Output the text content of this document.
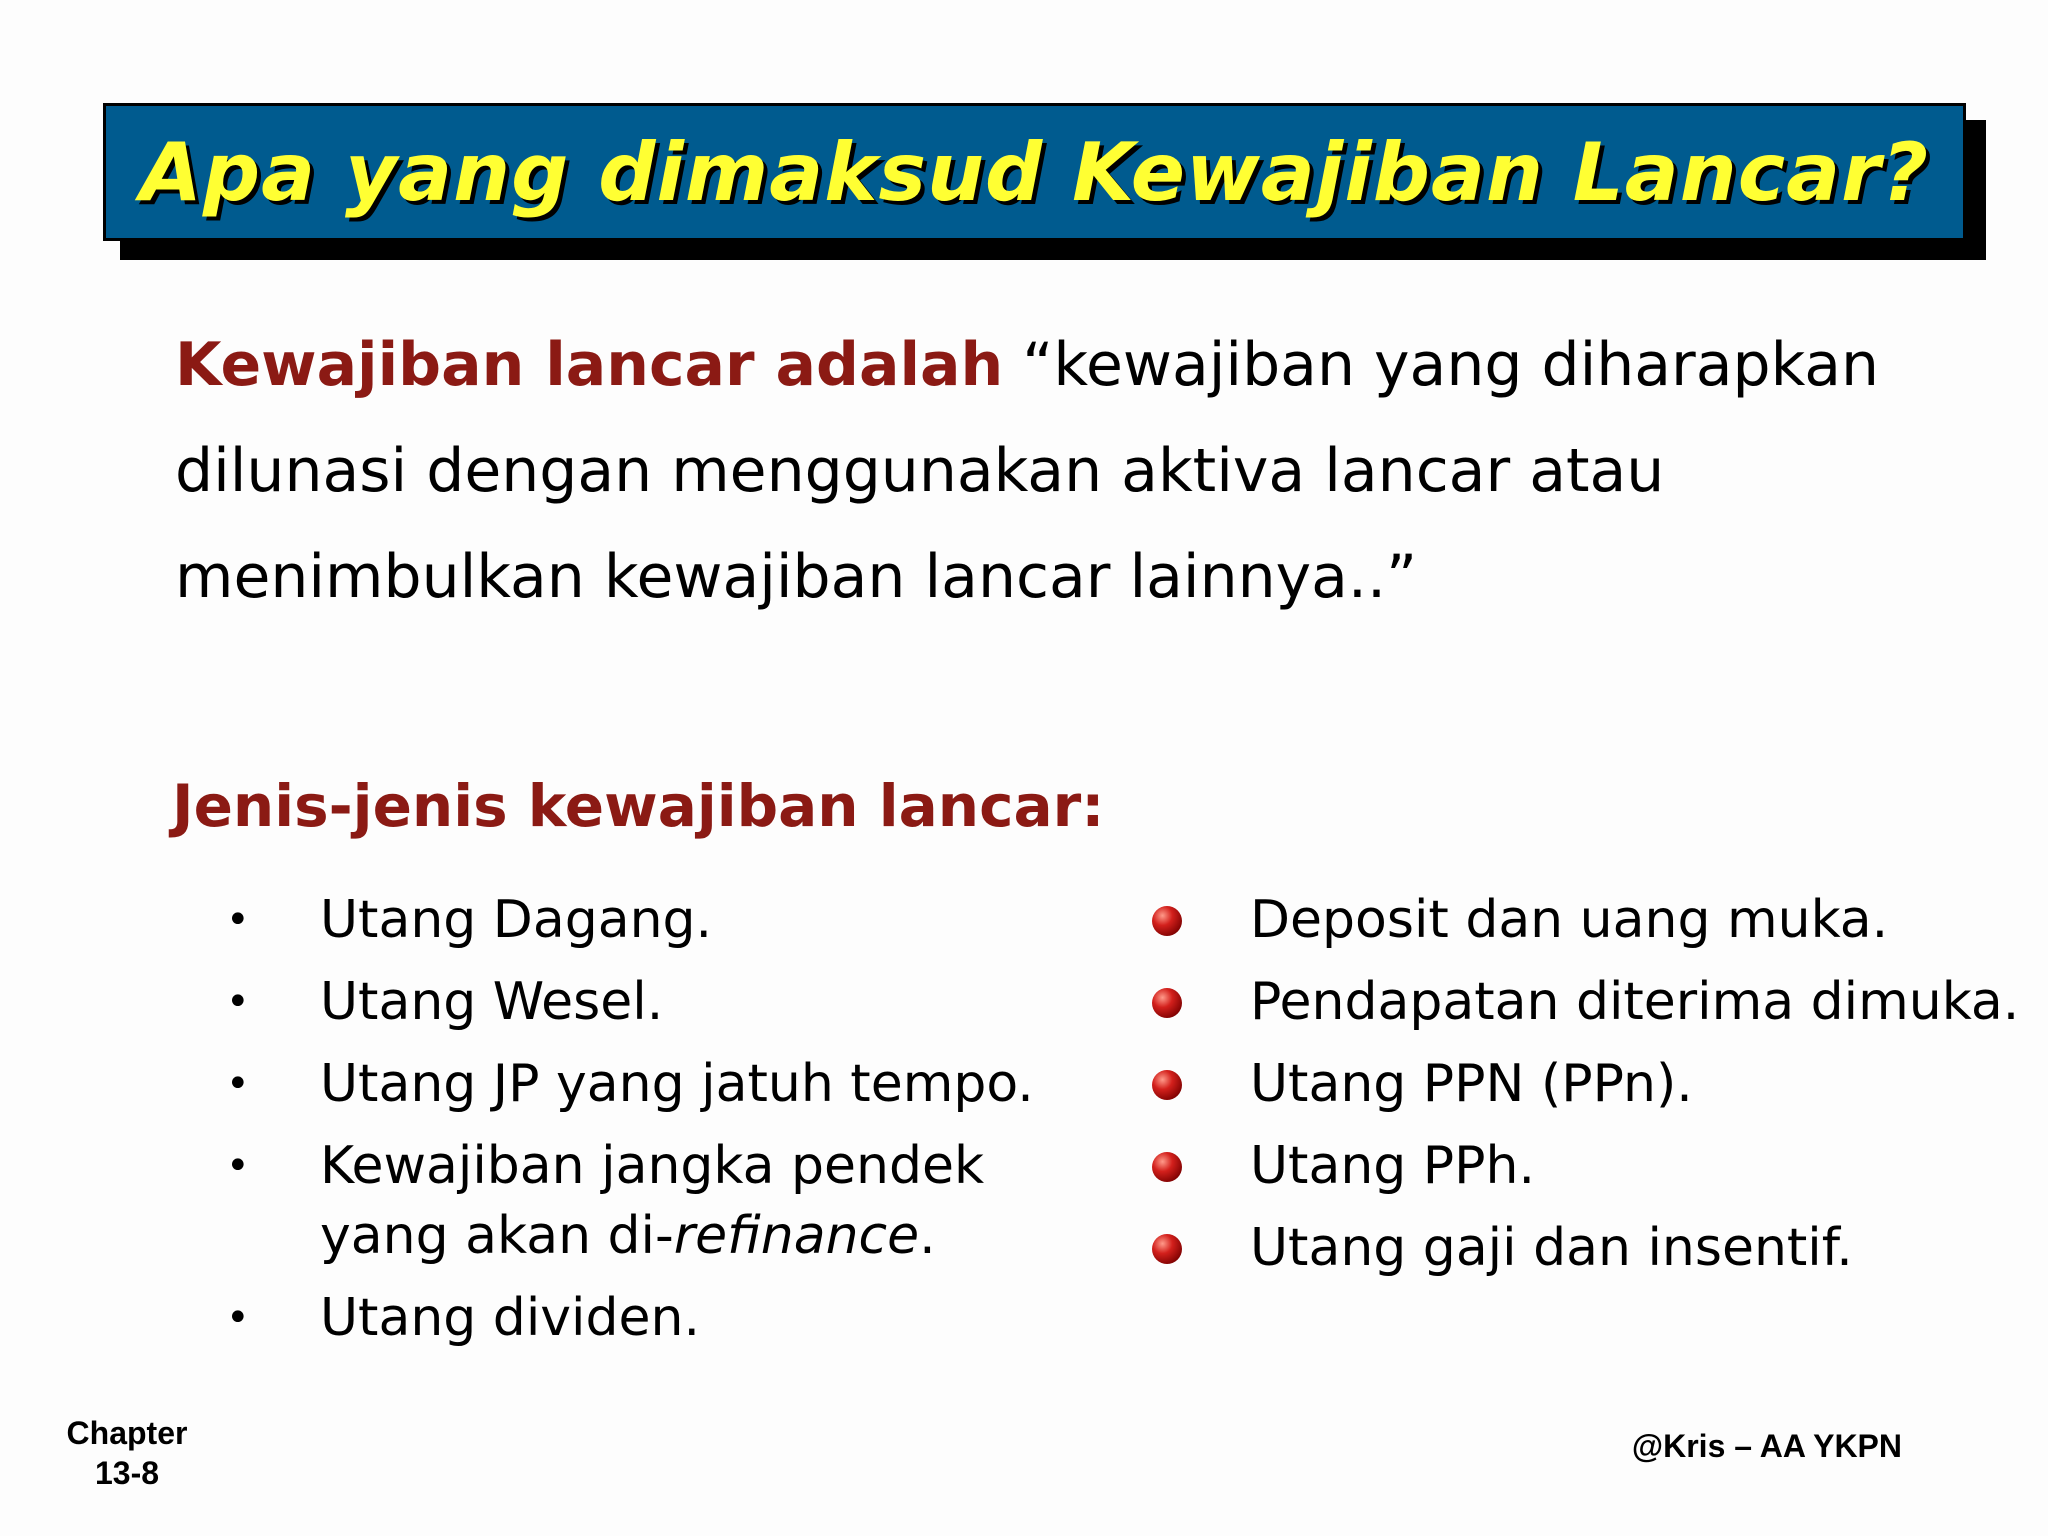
Apa yang dimaksud Kewajiban Lancar?
Kewajiban lancar adalah “kewajiban yang diharapkan dilunasi dengan menggunakan aktiva lancar atau menimbulkan kewajiban lancar lainnya..”
Jenis-jenis kewajiban lancar:
• Utang Dagang.
• Utang Wesel.
• Utang JP yang jatuh tempo.
• Kewajiban jangka pendek
yang akan di-refinance.
• Utang dividen.
Deposit dan uang muka.
Pendapatan diterima dimuka.
Utang PPN (PPn).
Utang PPh.
Utang gaji dan insentif.
Chapter
13-8
@Kris – AA YKPN
